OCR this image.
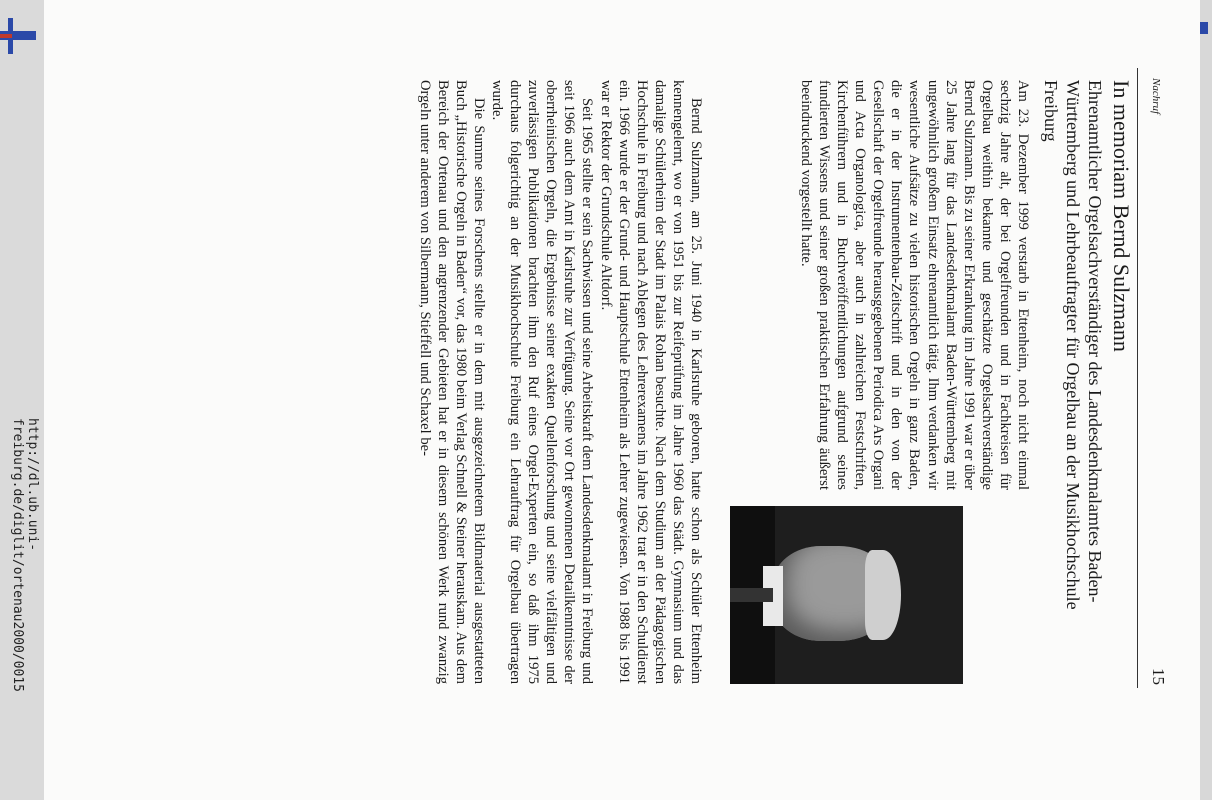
http://dl.ub.uni-freiburg.de/diglit/ortenau2000/0015
Nachruf
15
In memoriam Bernd Sulzmann
Ehrenamtlicher Orgelsachverständiger des Landesdenkmalamtes Baden-Württemberg und Lehrbeauftragter für Orgelbau an der Musikhochschule Freiburg

Am 23. Dezember 1999 verstarb in Ettenheim, noch nicht einmal sechzig Jahre alt, der bei Orgelfreunden und in Fachkreisen für Orgelbau weithin bekannte und geschätzte Orgelsachverständige Bernd Sulzmann. Bis zu seiner Erkrankung im Jahre 1991 war er über 25 Jahre lang für das Landesdenkmalamt Baden-Württemberg mit ungewöhnlich großem Einsatz ehrenamtlich tätig. Ihm verdanken wir wesentliche Aufsätze zu vielen historischen Orgeln in ganz Baden, die er in der Instrumentenbau-Zeitschrift und in den von der Gesellschaft der Orgelfreunde herausgegebenen Periodica Ars Organi und Acta Organologica, aber auch in zahlreichen Festschriften, Kirchenführern und in Buchveröffentlichungen aufgrund seines fundierten Wissens und seiner großen praktischen Erfahrung äußerst beeindruckend vorgestellt hatte.

Bernd Sulzmann, am 25. Juni 1940 in Karlsruhe geboren, hatte schon als Schüler Ettenheim kennengelernt, wo er von 1951 bis zur Reifeprüfung im Jahre 1960 das Städt. Gymnasium und das damalige Schülerheim der Stadt im Palais Rohan besuchte. Nach dem Studium an der Pädagogischen Hochschule in Freiburg und nach Ablegen des Lehrerexamens im Jahre 1962 trat er in den Schuldienst ein. 1966 wurde er der Grund- und Hauptschule Ettenheim als Lehrer zugewiesen. Von 1988 bis 1991 war er Rektor der Grundschule Altdorf.

Seit 1965 stellte er sein Sachwissen und seine Arbeitskraft dem Landesdenkmalamt in Freiburg und seit 1966 auch dem Amt in Karlsruhe zur Verfügung. Seine vor Ort gewonnenen Detailkenntnisse der oberrheinischen Orgeln, die Ergebnisse seiner exakten Quellenforschung und seine vielfältigen und zuverlässigen Publikationen brachten ihm den Ruf eines Orgel-Experten ein, so daß ihm 1975 durchaus folgerichtig an der Musikhochschule Freiburg ein Lehrauftrag für Orgelbau übertragen wurde.

Die Summe seines Forschens stellte er in dem mit ausgezeichnetem Bildmaterial ausgestatteten Buch „Historische Orgeln in Baden“ vor, das 1980 beim Verlag Schnell & Steiner herauskam. Aus dem Bereich der Ortenau und den angrenzender Gebieten hat er in diesem schönen Werk rund zwanzig Orgeln unter anderem von Silbermann, Stieffell und Schaxel be-
